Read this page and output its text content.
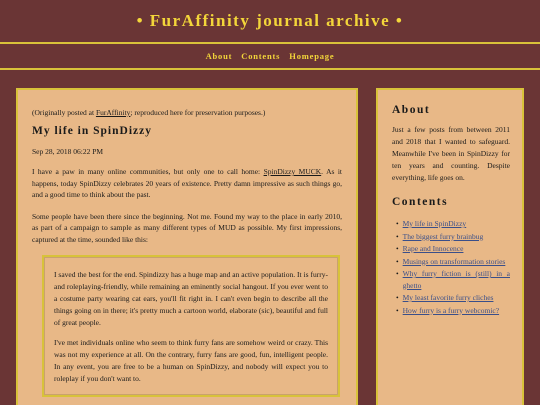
• FurAffinity journal archive •
About Contents Homepage

(Originally posted at FurAffinity; reproduced here for preservation purposes.)

My life in SpinDizzy

Sep 28, 2018 06:22 PM

I have a paw in many online communities, but only one to call home: SpinDizzy MUCK. As it happens, today SpinDizzy celebrates 20 years of existence. Pretty damn impressive as such things go, and a good time to think about the past.

Some people have been there since the beginning. Not me. Found my way to the place in early 2010, as part of a campaign to sample as many different types of MUD as possible. My first impressions, captured at the time, sounded like this:

I saved the best for the end. Spindizzy has a huge map and an active population. It is furry- and roleplaying-friendly, while remaining an eminently social hangout. If you ever went to a costume party wearing cat ears, you'll fit right in. I can't even begin to describe all the things going on in there; it's pretty much a cartoon world, elaborate (sic), beautiful and full of great people.

I've met individuals online who seem to think furry fans are somehow weird or crazy. This was not my experience at all. On the contrary, furry fans are good, fun, intelligent people. In any event, you are free to be a human on SpinDizzy, and nobody will expect you to roleplay if you don't want to.

About

Just a few posts from between 2011 and 2018 that I wanted to safeguard. Meanwhile I've been in SpinDizzy for ten years and counting. Despite everything, life goes on.

Contents
• My life in SpinDizzy
• The biggest furry brainbug
• Rape and Innocence
• Musings on transformation stories
• Why furry fiction is (still) in a ghetto
• My least favorite furry cliches
• How furry is a furry webcomic?
